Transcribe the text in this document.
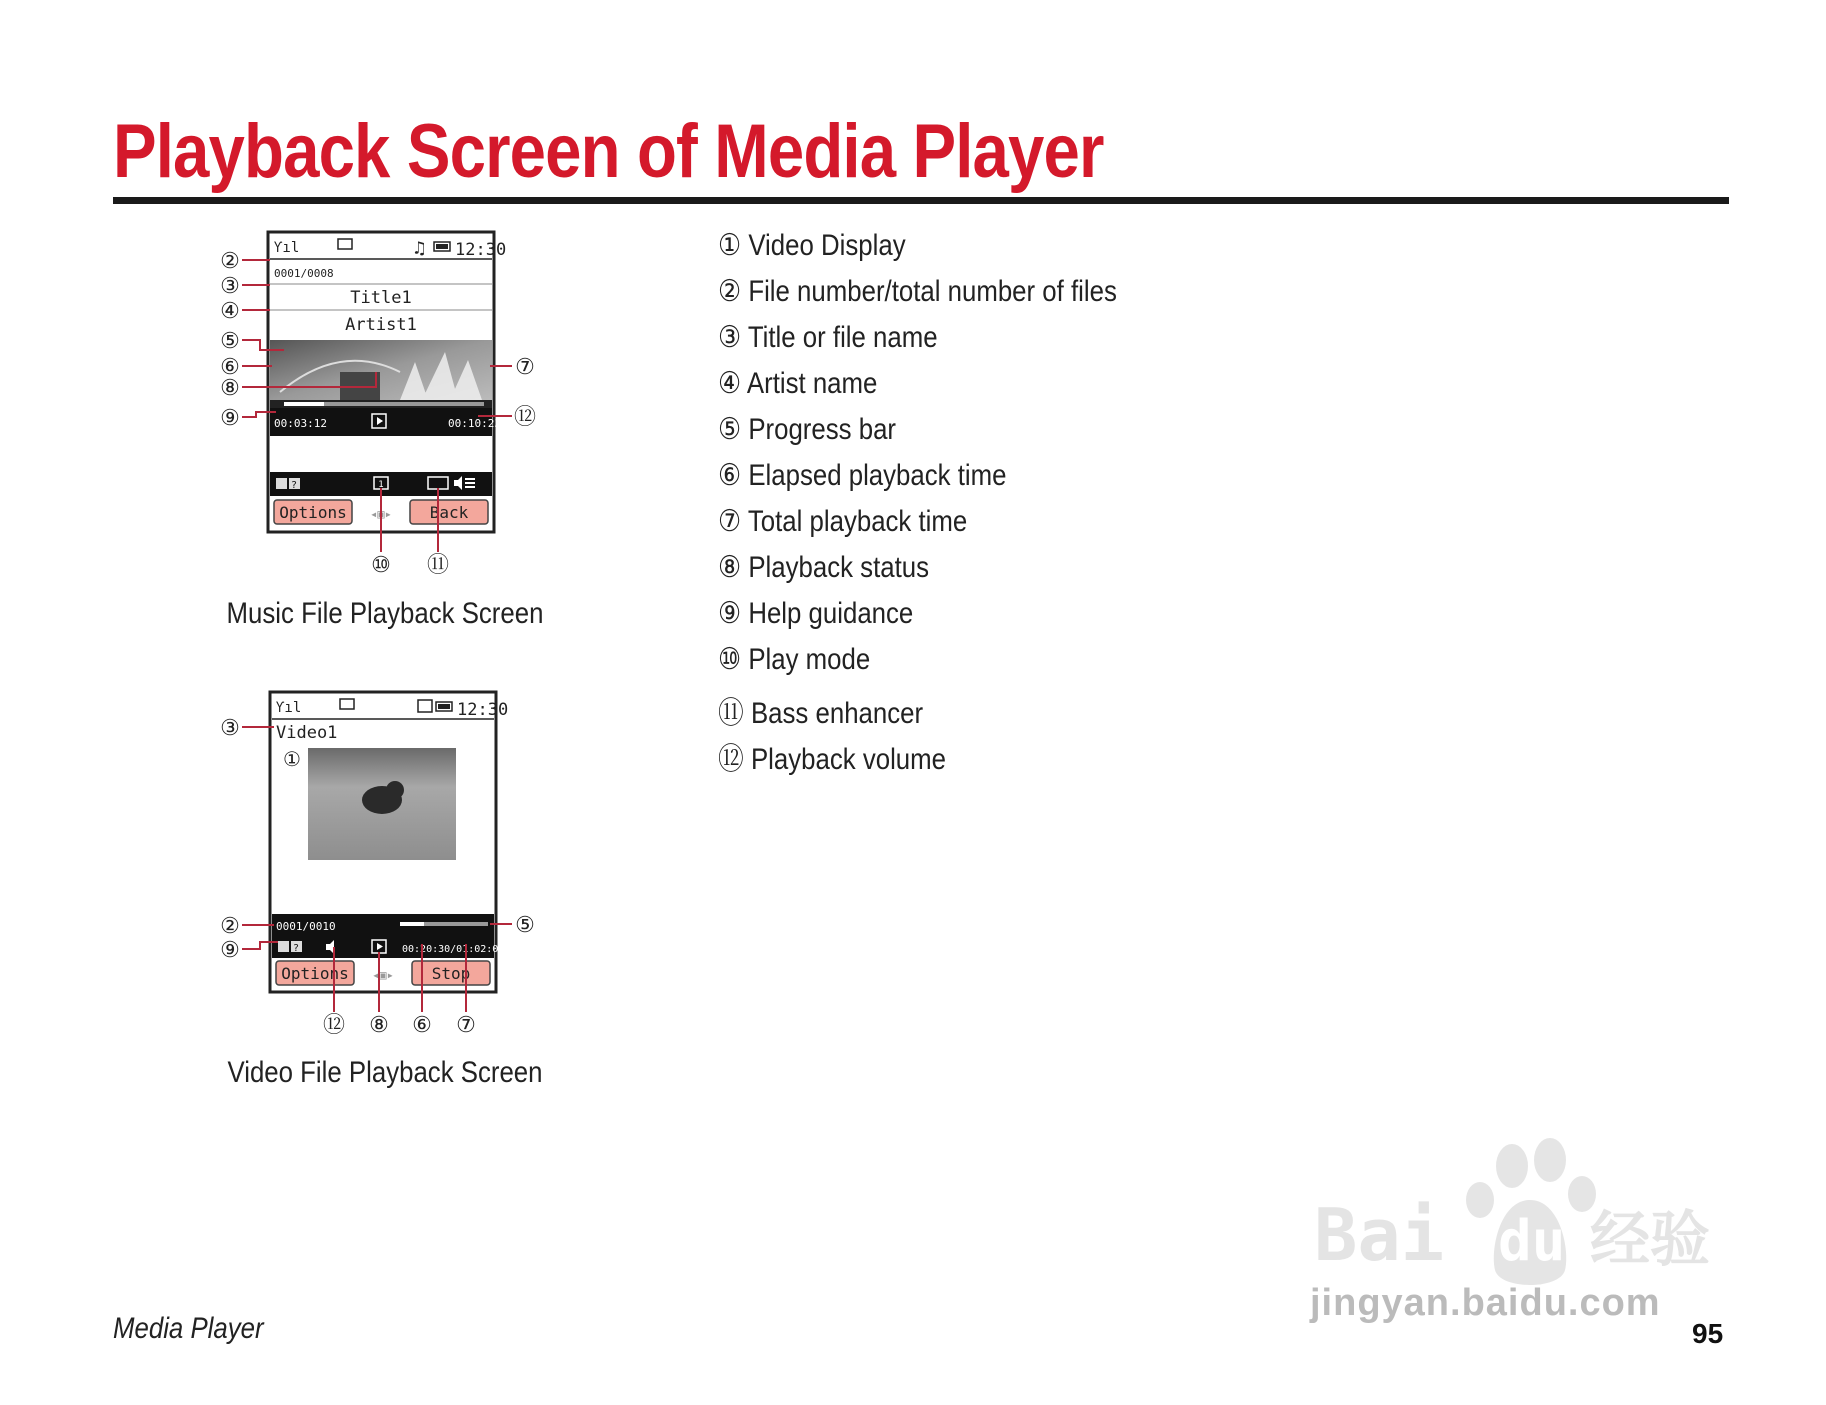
Playback Screen of Media Player
Ƴıl	♫ 12:30
0001/0008
Title1
Artist1
00:03:12	00:10:23
?	1
Options ◂▣▸ Back
②
③
④
⑤
⑥
⑧
⑨
⑦
⑫
⑩ ⑪
Music File Playback Screen
Ƴıl	12:30
Video1
①
0001/0010
?	00:20:30/01:02:03
Options ◂▣▸ Stop
③
②
⑨
⑤
⑫ ⑧ ⑥ ⑦
Video File Playback Screen
① Video Display
② File number/total number of files
③ Title or file name
④ Artist name
⑤ Progress bar
⑥ Elapsed playback time
⑦ Total playback time
⑧ Playback status
⑨ Help guidance
⑩ Play mode
⑪ Bass enhancer
⑫ Playback volume
Media Player	95
Bai du 经验
jingyan.baidu.com
